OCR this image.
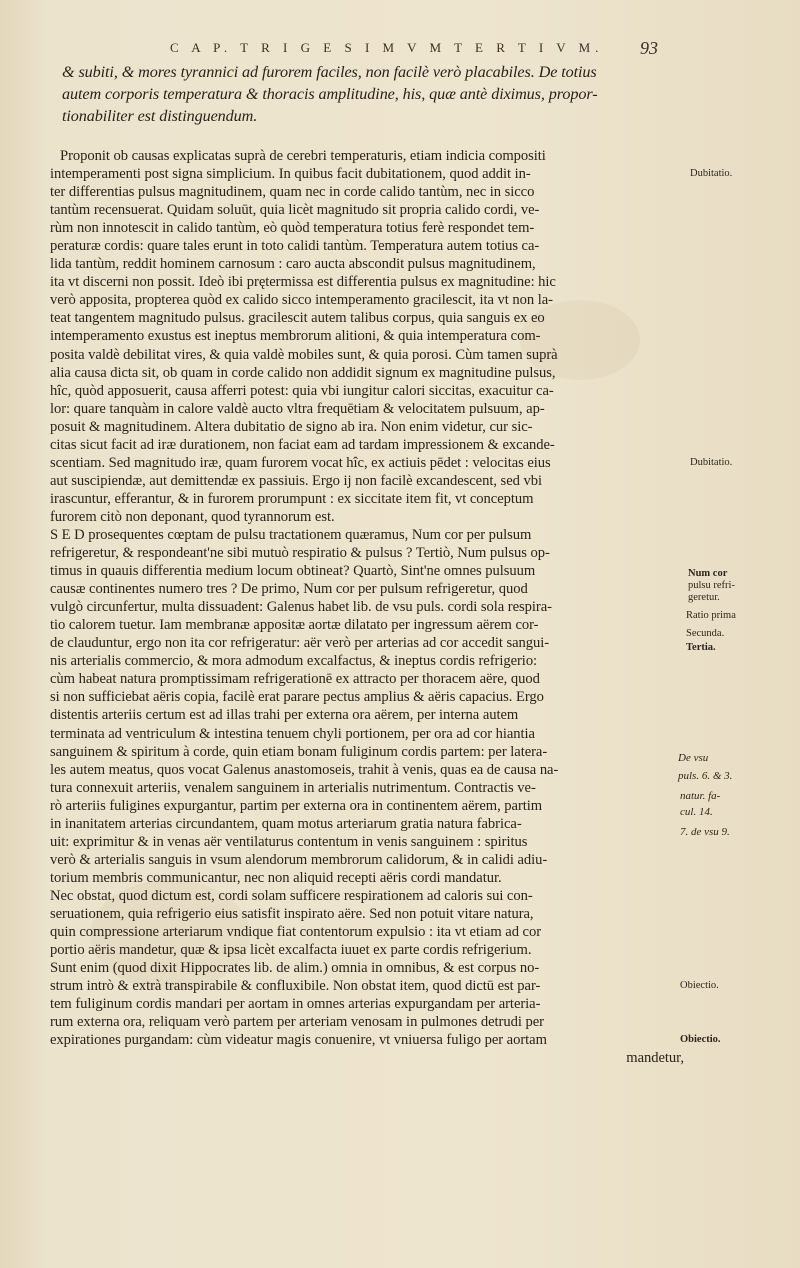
C A P. T R I G E S I M V M T E R T I V M.	93
& subiti, & mores tyrannici ad furorem faciles, non facilè verò placabiles. De totius
autem corporis temperatura & thoracis amplitudine, his, quæ antè diximus, propor-
tionabiliter est distinguendum.
Proponit ob causas explicatas suprà de cerebri temperaturis, etiam indicia compositi
intemperamenti post signa simplicium. In quibus facit dubitationem, quod addit in-
ter differentias pulsus magnitudinem, quam nec in corde calido tantùm, nec in sicco
tantùm recensuerat. Quidam soluūt, quia licèt magnitudo sit propria calido cordi, ve-
rùm non innotescit in calido tantùm, eò quòd temperatura totius ferè respondet tem-
peraturæ cordis: quare tales erunt in toto calidi tantùm. Temperatura autem totius ca-
lida tantùm, reddit hominem carnosum : caro aucta abscondit pulsus magnitudinem,
ita vt discerni non possit. Ideò ibi prętermissa est differentia pulsus ex magnitudine: hic
verò apposita, propterea quòd ex calido sicco intemperamento gracilescit, ita vt non la-
teat tangentem magnitudo pulsus. gracilescit autem talibus corpus, quia sanguis ex eo
intemperamento exustus est ineptus membrorum alitioni, & quia intemperatura com-
posita valdè debilitat vires, & quia valdè mobiles sunt, & quia porosi. Cùm tamen suprà
alia causa dicta sit, ob quam in corde calido non addidit signum ex magnitudine pulsus,
hîc, quòd apposuerit, causa afferri potest: quia vbi iungitur calori siccitas, exacuitur ca-
lor: quare tanquàm in calore valdè aucto vltra frequētiam & velocitatem pulsuum, ap-
posuit & magnitudinem. Altera dubitatio de signo ab ira. Non enim videtur, cur sic-
citas sicut facit ad iræ durationem, non faciat eam ad tardam impressionem & excande-
scentiam. Sed magnitudo iræ, quam furorem vocat hîc, ex actiuis pēdet : velocitas eius
aut suscipiendæ, aut demittendæ ex passiuis. Ergo ij non facilè excandescent, sed vbi
irascuntur, efferantur, & in furorem prorumpunt : ex siccitate item fit, vt conceptum
furorem citò non deponant, quod tyrannorum est.
S E D prosequentes cœptam de pulsu tractationem quæramus, Num cor per pulsum
refrigeretur, & respondeant'ne sibi mutuò respiratio & pulsus ? Tertiò, Num pulsus op-
timus in quauis differentia medium locum obtineat? Quartò, Sint'ne omnes pulsuum
causæ continentes numero tres ? De primo, Num cor per pulsum refrigeretur, quod
vulgò circunfertur, multa dissuadent: Galenus habet lib. de vsu puls. cordi sola respira-
tio calorem tuetur. Iam membranæ appositæ aortæ dilatato per ingressum aërem cor-
de clauduntur, ergo non ita cor refrigeratur: aër verò per arterias ad cor accedit sangui-
nis arterialis commercio, & mora admodum excalfactus, & ineptus cordis refrigerio:
cùm habeat natura promptissimam refrigerationē ex attracto per thoracem aëre, quod
si non sufficiebat aëris copia, facilè erat parare pectus amplius & aëris capacius. Ergo
distentis arteriis certum est ad illas trahi per externa ora aërem, per interna autem
terminata ad ventriculum & intestina tenuem chyli portionem, per ora ad cor hiantia
sanguinem & spiritum à corde, quin etiam bonam fuliginum cordis partem: per latera-
les autem meatus, quos vocat Galenus anastomoseis, trahit à venis, quas ea de causa na-
tura connexuit arteriis, venalem sanguinem in arterialis nutrimentum. Contractis ve-
rò arteriis fuligines expurgantur, partim per externa ora in continentem aërem, partim
in inanitatem arterias circundantem, quam motus arteriarum gratia natura fabrica-
uit: exprimitur & in venas aër ventilaturus contentum in venis sanguinem : spiritus
verò & arterialis sanguis in vsum alendorum membrorum calidorum, & in calidi adiu-
torium membris communicantur, nec non aliquid recepti aëris cordi mandatur.
Nec obstat, quod dictum est, cordi solam sufficere respirationem ad caloris sui con-
seruationem, quia refrigerio eius satisfit inspirato aëre. Sed non potuit vitare natura,
quin compressione arteriarum vndique fiat contentorum expulsio : ita vt etiam ad cor
portio aëris mandetur, quæ & ipsa licèt excalfacta iuuet ex parte cordis refrigerium.
Sunt enim (quod dixit Hippocrates lib. de alim.) omnia in omnibus, & est corpus no-
strum intrò & extrà transpirabile & confluxibile. Non obstat item, quod dictū est par-
tem fuliginum cordis mandari per aortam in omnes arterias expurgandam per arteria-
rum externa ora, reliquam verò partem per arteriam venosam in pulmones detrudi per
expirationes purgandam: cùm videatur magis conuenire, vt vniuersa fuligo per aortam
mandetur,
Dubitatio.
Dubitatio.
Num cor
pulsu refri-
geretur.
Ratio prima
Secunda.
Tertia.
De vsu
puls. 6. & 3.
natur. fa-
cul. 14.
7. de vsu 9.
Obiectio.
Obiectio.
